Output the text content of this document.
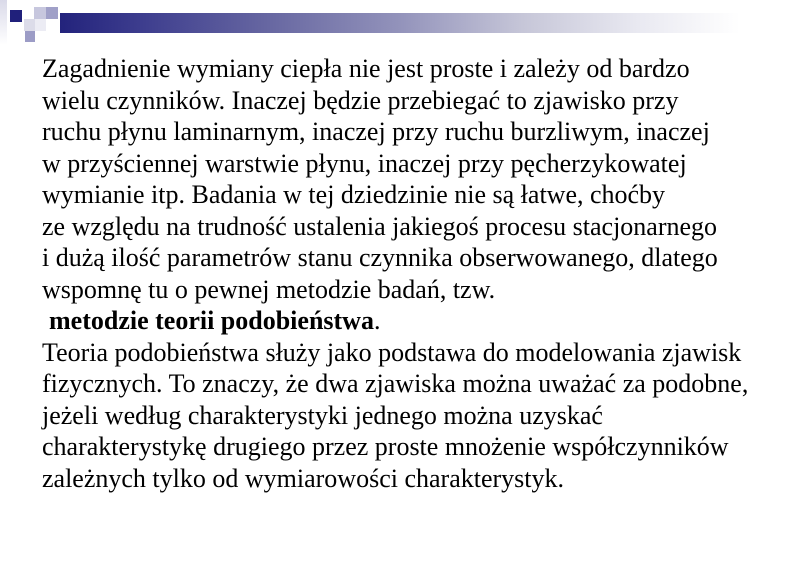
Zagadnienie wymiany ciepła nie jest proste i zależy od bardzo
wielu czynników. Inaczej będzie przebiegać to zjawisko przy
ruchu płynu laminarnym, inaczej przy ruchu burzliwym, inaczej
w przyściennej warstwie płynu, inaczej przy pęcherzykowatej
wymianie itp. Badania w tej dziedzinie nie są łatwe, choćby
ze względu na trudność ustalenia jakiegoś procesu stacjonarnego
i dużą ilość parametrów stanu czynnika obserwowanego, dlatego
wspomnę tu o pewnej metodzie badań, tzw.
metodzie teorii podobieństwa.
Teoria podobieństwa służy jako podstawa do modelowania zjawisk
fizycznych. To znaczy, że dwa zjawiska można uważać za podobne,
jeżeli według charakterystyki jednego można uzyskać
charakterystykę drugiego przez proste mnożenie współczynników
zależnych tylko od wymiarowości charakterystyk.
